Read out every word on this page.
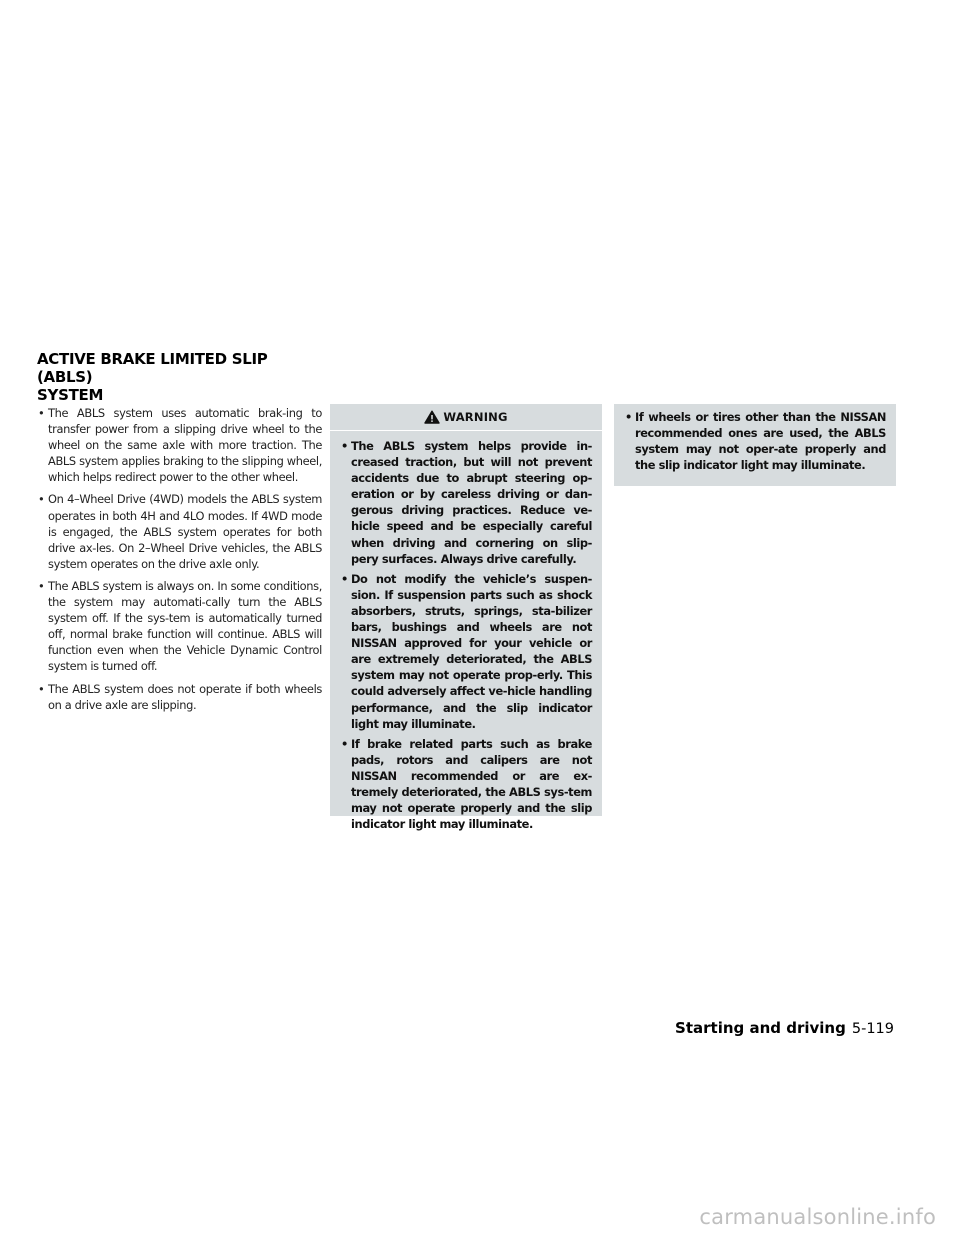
ACTIVE BRAKE LIMITED SLIP (ABLS)
SYSTEM
• The ABLS system uses automatic brak-ing to transfer power from a slipping drive wheel to the wheel on the same axle with more traction. The ABLS system applies braking to the slipping wheel, which helps redirect power to the other wheel.
• On 4–Wheel Drive (4WD) models the ABLS system operates in both 4H and 4LO modes. If 4WD mode is engaged, the ABLS system operates for both drive ax-les. On 2–Wheel Drive vehicles, the ABLS system operates on the drive axle only.
• The ABLS system is always on. In some conditions, the system may automati-cally turn the ABLS system off. If the sys-tem is automatically turned off, normal brake function will continue. ABLS will function even when the Vehicle Dynamic Control system is turned off.
• The ABLS system does not operate if both wheels on a drive axle are slipping.
WARNING
• The ABLS system helps provide in-creased traction, but will not prevent accidents due to abrupt steering op-eration or by careless driving or dan-gerous driving practices. Reduce ve-hicle speed and be especially careful when driving and cornering on slip-pery surfaces. Always drive carefully.
• Do not modify the vehicle’s suspen-sion. If suspension parts such as shock absorbers, struts, springs, sta-bilizer bars, bushings and wheels are not NISSAN approved for your vehicle or are extremely deteriorated, the ABLS system may not operate prop-erly. This could adversely affect ve-hicle handling performance, and the slip indicator light may illuminate.
• If brake related parts such as brake pads, rotors and calipers are not NISSAN recommended or are ex-tremely deteriorated, the ABLS sys-tem may not operate properly and the slip indicator light may illuminate.
• If wheels or tires other than the NISSAN recommended ones are used, the ABLS system may not oper-ate properly and the slip indicator light may illuminate.
Starting and driving 5-119
carmanualsonline.info
